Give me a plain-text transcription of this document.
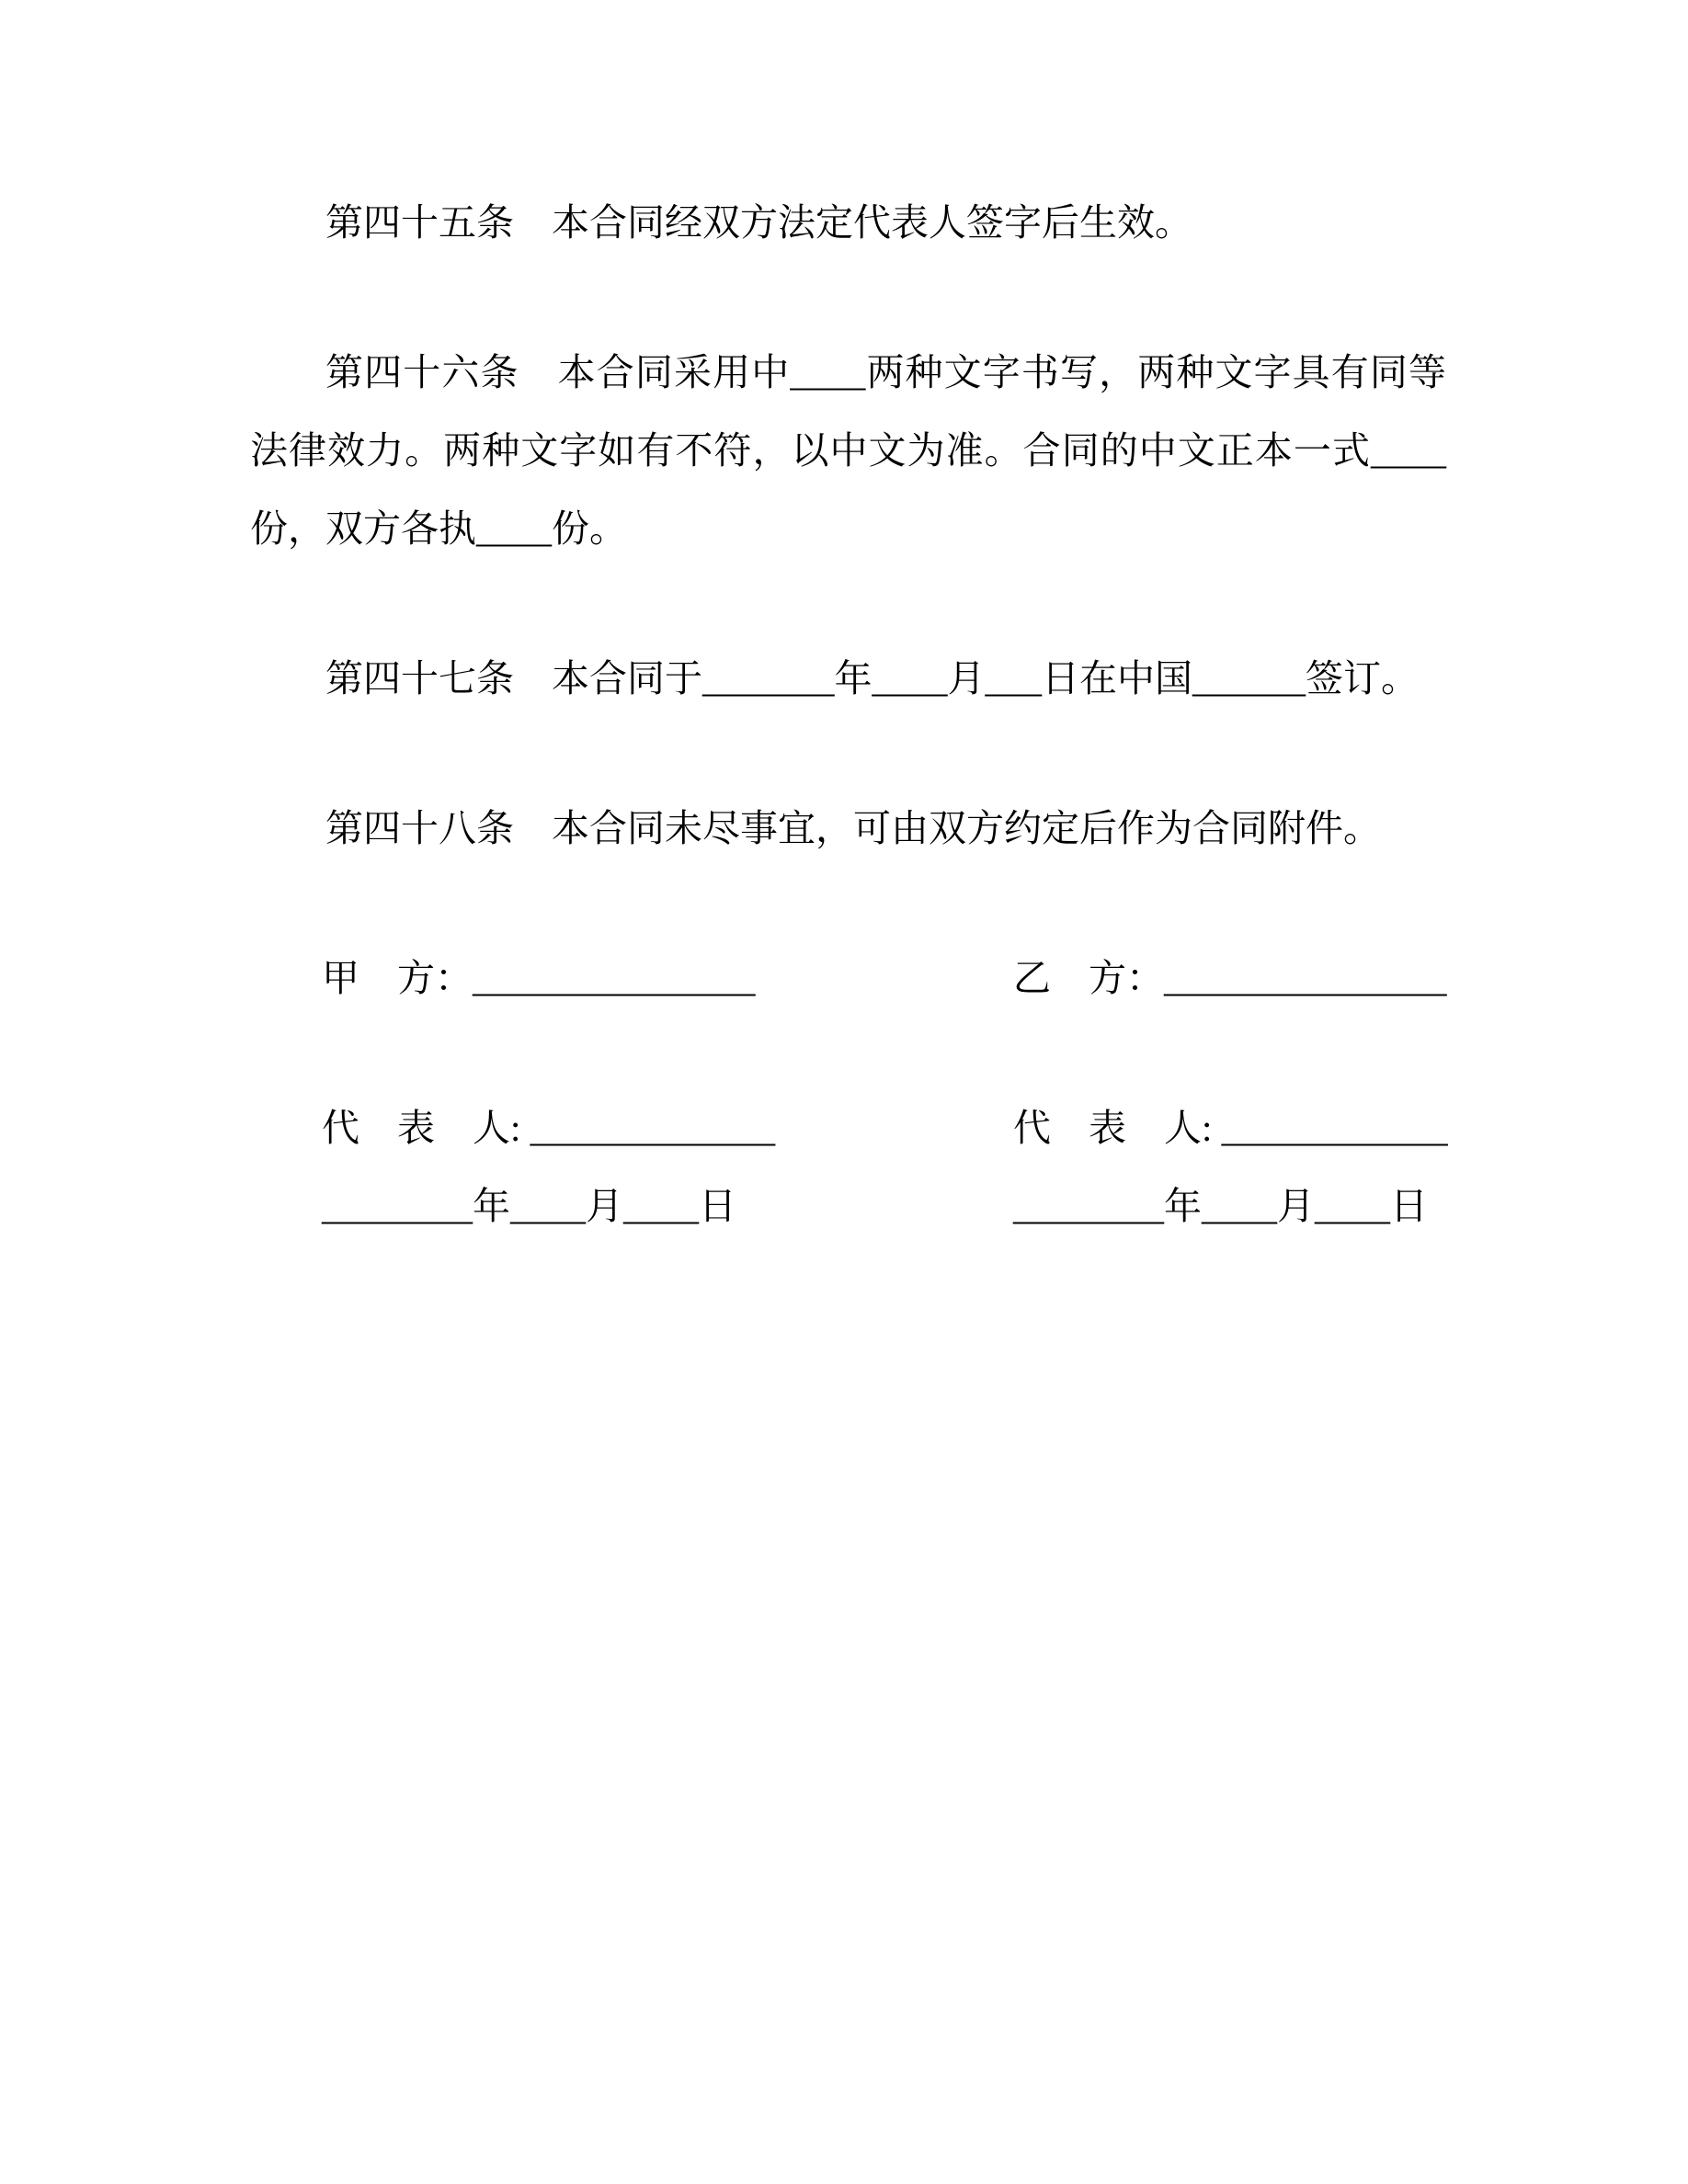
第四十五条　本合同经双方法定代表人签字后生效。

第四十六条　本合同采用中____两种文字书写，两种文字具有同等法律效力。两种文字如有不符，以中文为准。合同的中文正本一式____份，双方各执____份。

第四十七条　本合同于_______年____月___日在中国______签订。

第四十八条　本合同未尽事宜，可由双方约定后作为合同附件。

甲　方：_______________

代　表　人: _____________

________年____月____日

乙　方：_______________

代　表　人: ____________

________年____月____日
